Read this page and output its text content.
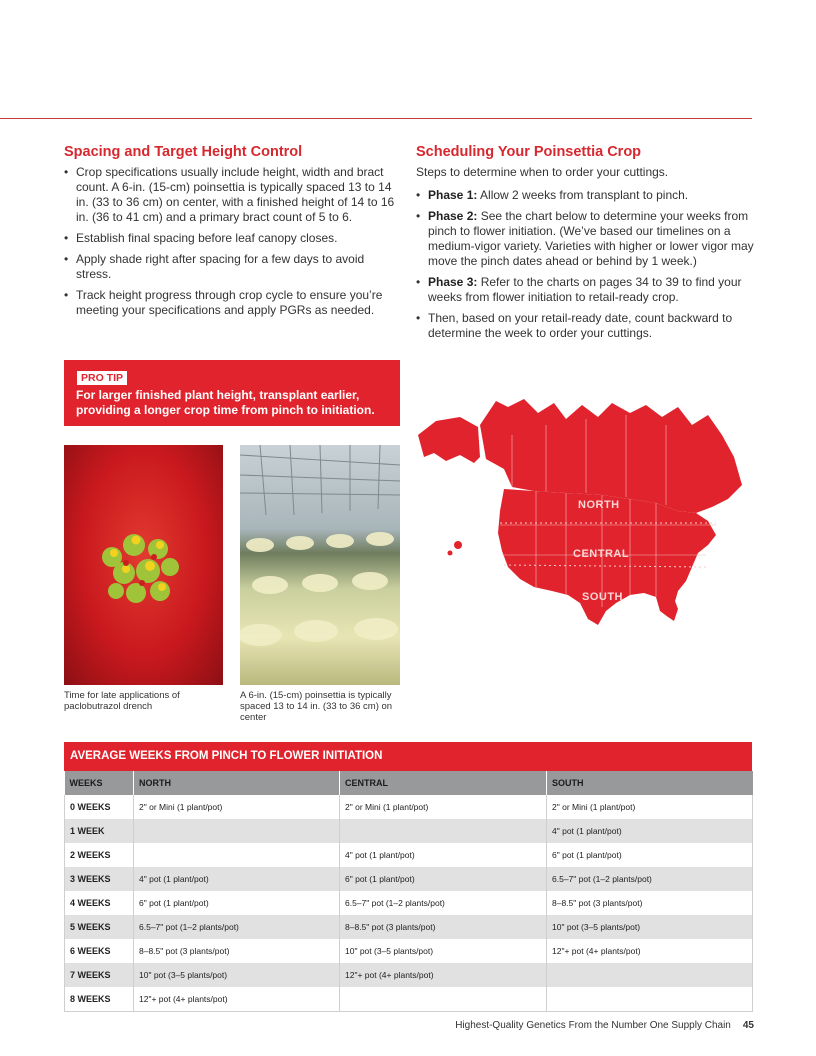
Spacing and Target Height Control
• Crop specifications usually include height, width and bract count. A 6-in. (15-cm) poinsettia is typically spaced 13 to 14 in. (33 to 36 cm) on center, with a finished height of 14 to 16 in. (36 to 41 cm) and a primary bract count of 5 to 6.
• Establish final spacing before leaf canopy closes.
• Apply shade right after spacing for a few days to avoid stress.
• Track height progress through crop cycle to ensure you’re meeting your specifications and apply PGRs as needed.
PRO TIP
For larger finished plant height, transplant earlier, providing a longer crop time from pinch to initiation.
Scheduling Your Poinsettia Crop

Steps to determine when to order your cuttings.

• Phase 1: Allow 2 weeks from transplant to pinch.
• Phase 2: See the chart below to determine your weeks from pinch to flower initiation. (We’ve based our timelines on a medium-vigor variety. Varieties with higher or lower vigor may move the pinch dates ahead or behind by 1 week.)
• Phase 3: Refer to the charts on pages 34 to 39 to find your weeks from flower initiation to retail-ready crop.
• Then, based on your retail-ready date, count backward to determine the week to order your cuttings.
NORTH
CENTRAL
SOUTH
Time for late applications of paclobutrazol drench
A 6-in. (15-cm) poinsettia is typically spaced 13 to 14 in. (33 to 36 cm) on center
AVERAGE WEEKS FROM PINCH TO FLOWER INITIATION
WEEKS	NORTH	CENTRAL	SOUTH
0 WEEKS	2" or Mini (1 plant/pot)	2" or Mini (1 plant/pot)	2" or Mini (1 plant/pot)
1 WEEK			4" pot (1 plant/pot)
2 WEEKS		4" pot (1 plant/pot)	6" pot (1 plant/pot)
3 WEEKS	4" pot (1 plant/pot)	6" pot (1 plant/pot)	6.5–7" pot (1–2 plants/pot)
4 WEEKS	6" pot (1 plant/pot)	6.5–7" pot (1–2 plants/pot)	8–8.5" pot (3 plants/pot)
5 WEEKS	6.5–7" pot (1–2 plants/pot)	8–8.5" pot (3 plants/pot)	10" pot (3–5 plants/pot)
6 WEEKS	8–8.5" pot (3 plants/pot)	10" pot (3–5 plants/pot)	12"+ pot (4+ plants/pot)
7 WEEKS	10" pot (3–5 plants/pot)	12"+ pot (4+ plants/pot)	
8 WEEKS	12"+ pot (4+ plants/pot)		
Highest-Quality Genetics From the Number One Supply Chain 45
